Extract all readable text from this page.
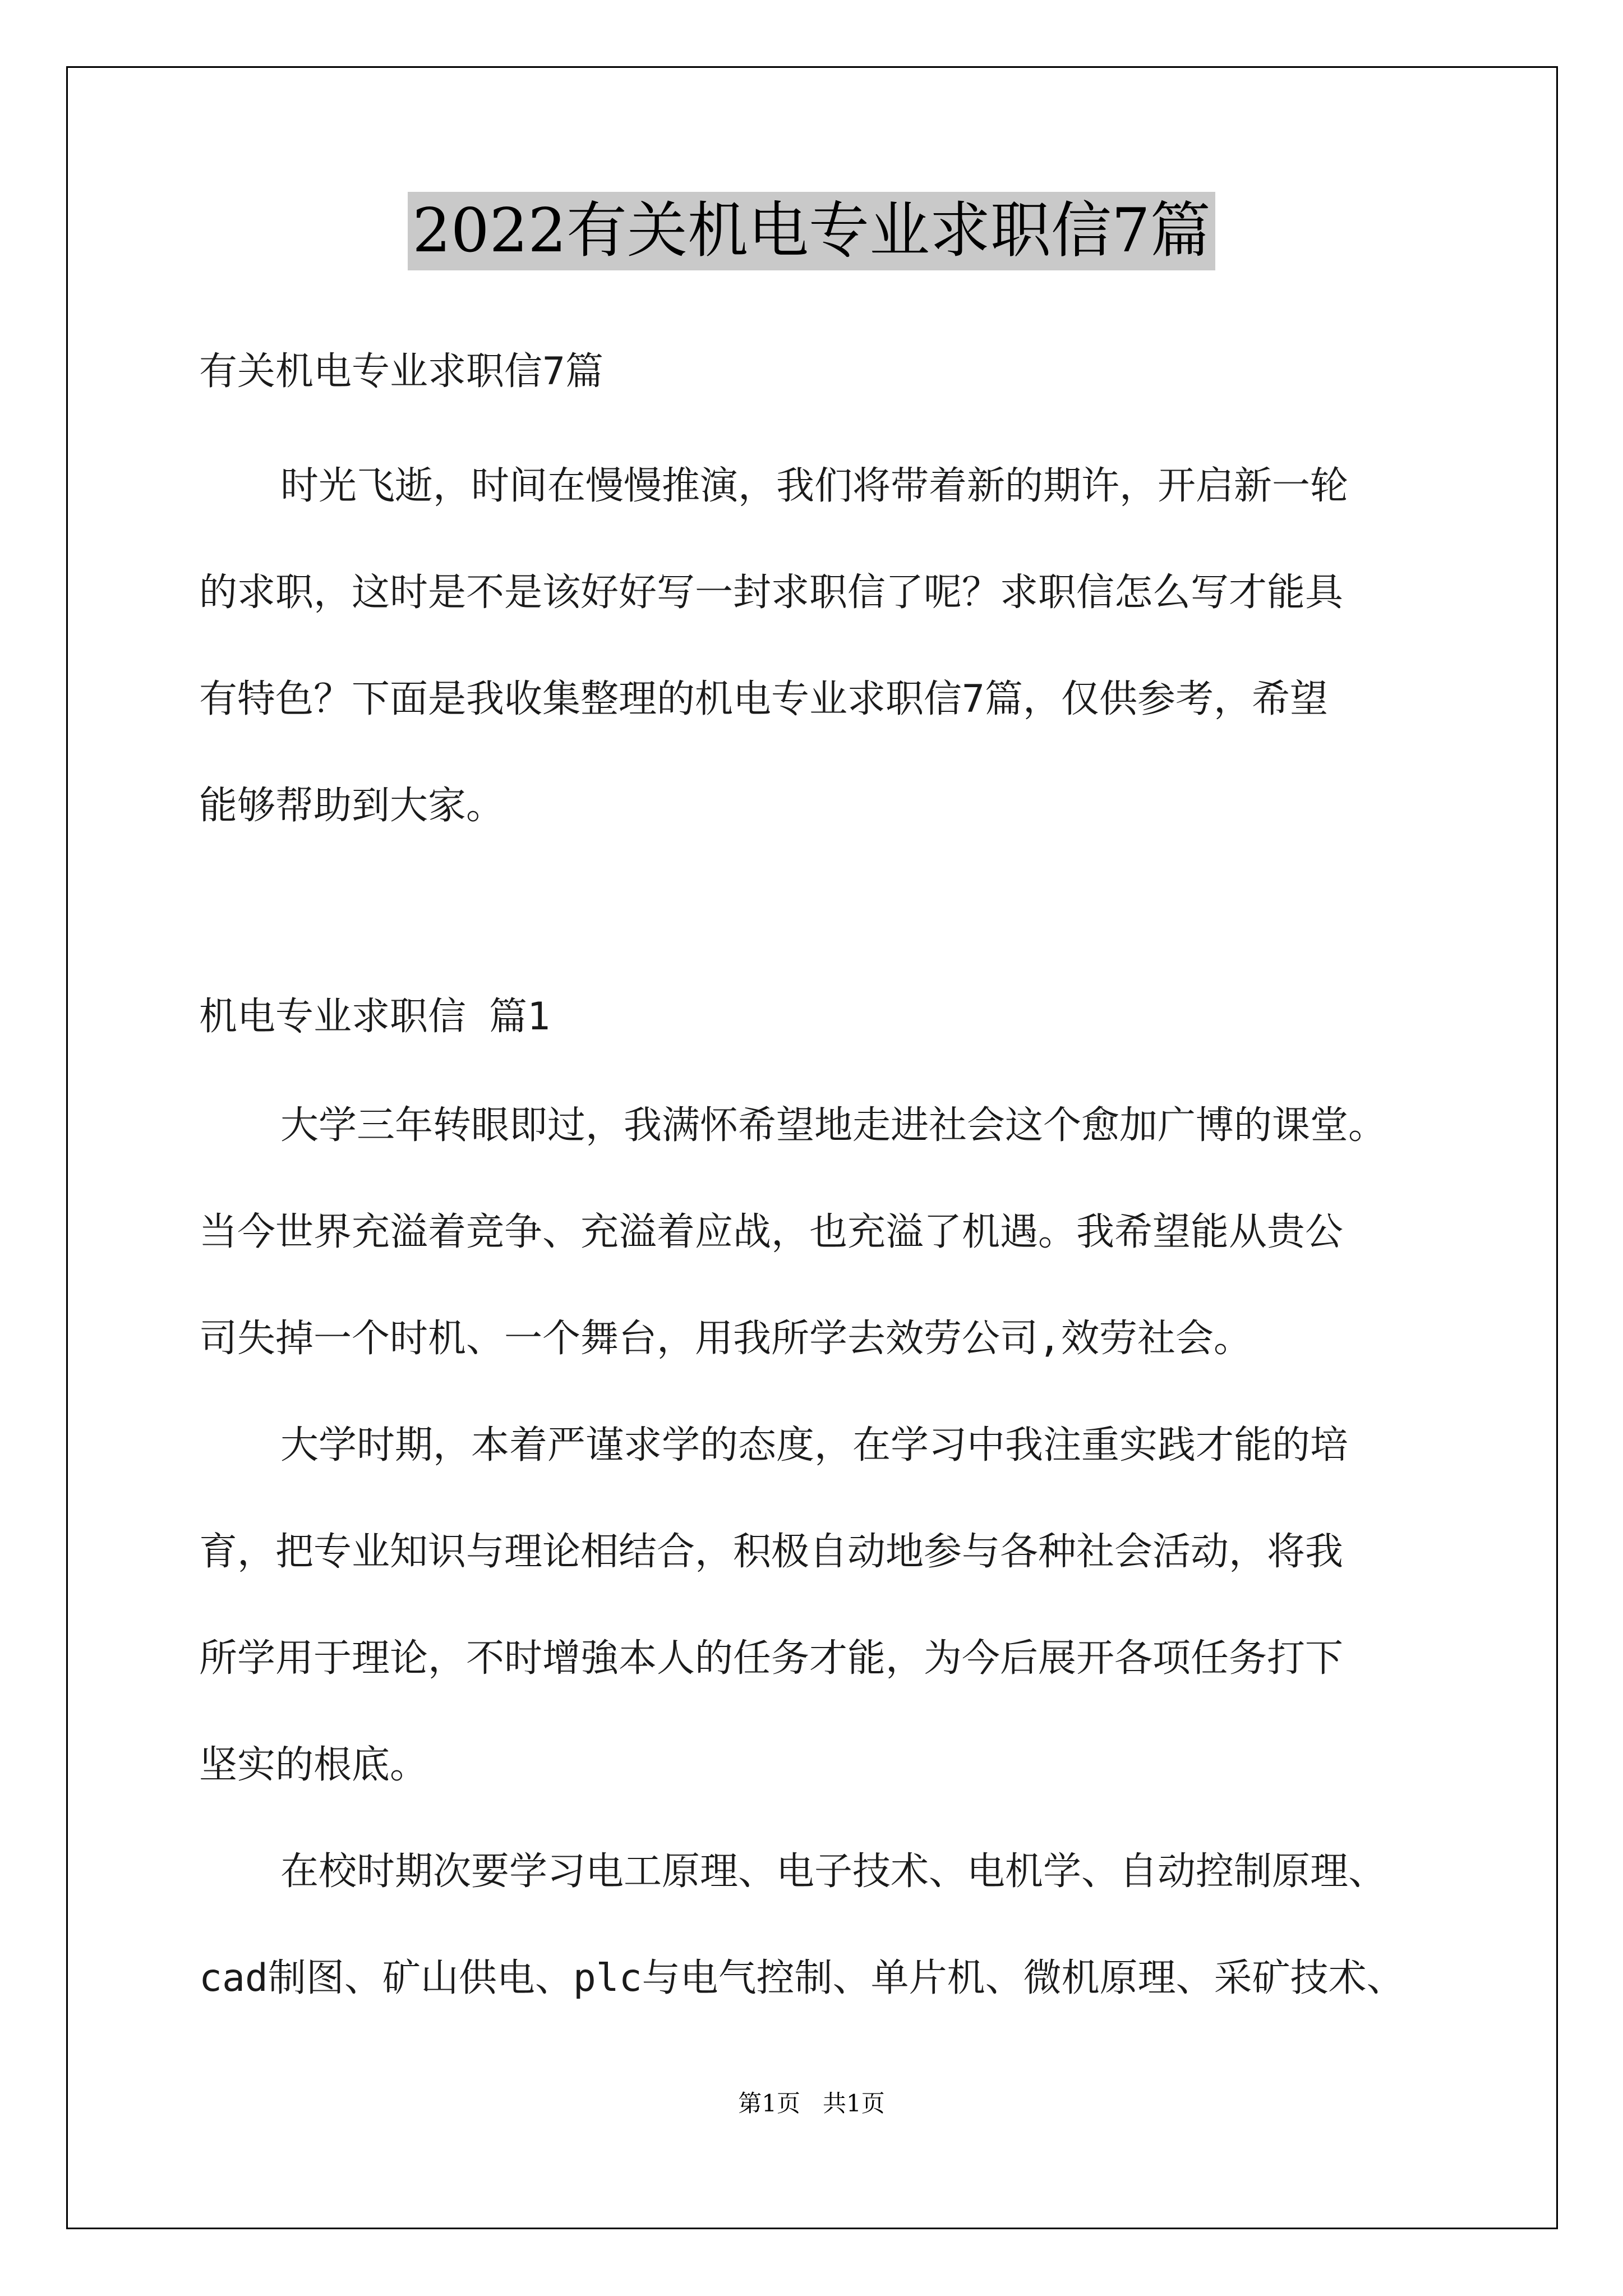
2022有关机电专业求职信7篇
有关机电专业求职信7篇
时光飞逝，时间在慢慢推演，我们将带着新的期许，开启新一轮
的求职，这时是不是该好好写一封求职信了呢？求职信怎么写才能具
有特色？下面是我收集整理的机电专业求职信7篇，仅供参考，希望
能够帮助到大家。
机电专业求职信 篇1
大学三年转眼即过，我满怀希望地走进社会这个愈加广博的课堂。
当今世界充溢着竞争、充溢着应战，也充溢了机遇。我希望能从贵公
司失掉一个时机、一个舞台，用我所学去效劳公司,效劳社会。
大学时期，本着严谨求学的态度，在学习中我注重实践才能的培
育，把专业知识与理论相结合，积极自动地参与各种社会活动，将我
所学用于理论，不时增強本人的任务才能，为今后展开各项任务打下
坚实的根底。
在校时期次要学习电工原理、电子技术、电机学、自动控制原理、
cad制图、矿山供电、plc与电气控制、单片机、微机原理、采矿技术、
第1页   共1页
